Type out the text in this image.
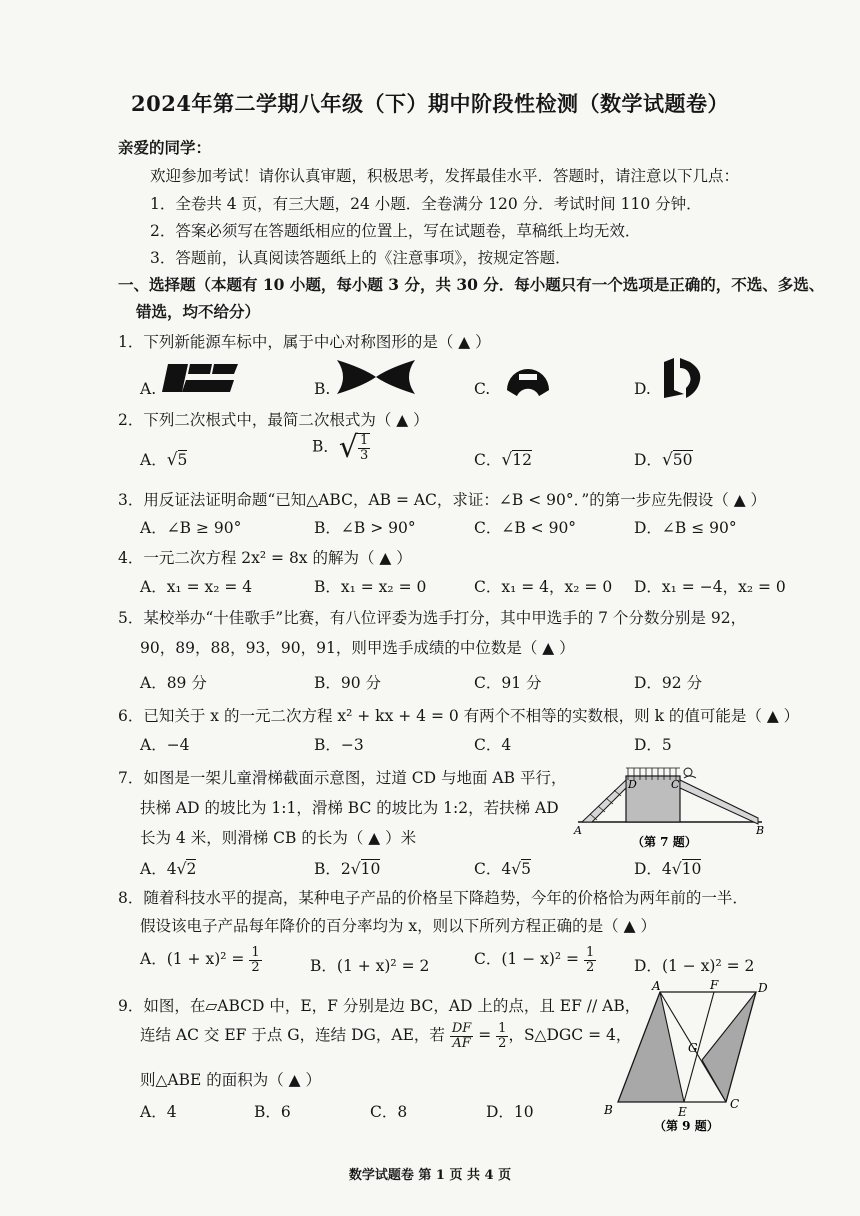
2024年第二学期八年级（下）期中阶段性检测（数学试题卷）
亲爱的同学：
欢迎参加考试！请你认真审题，积极思考，发挥最佳水平．答题时，请注意以下几点：
1．全卷共 4 页，有三大题，24 小题．全卷满分 120 分．考试时间 110 分钟．
2．答案必须写在答题纸相应的位置上，写在试题卷，草稿纸上均无效．
3．答题前，认真阅读答题纸上的《注意事项》，按规定答题．
一、选择题（本题有 10 小题，每小题 3 分，共 30 分．每小题只有一个选项是正确的，不选、多选、
错选，均不给分）
1．下列新能源车标中，属于中心对称图形的是（ ▲ ）
A.	B.	C.	D.
2．下列二次根式中，最简二次根式为（ ▲ ）
A．√5
B．√ $\frac{1}{3}$	C．√12	D．√50
3．用反证法证明命题“已知△ABC，AB = AC，求证：∠B < 90°．”的第一步应先假设（ ▲ ）
A．∠B ≥ 90°	B．∠B > 90°	C．∠B < 90°	D．∠B ≤ 90°
4．一元二次方程 2x² = 8x 的解为（ ▲ ）
A．x₁ = x₂ = 4	B．x₁ = x₂ = 0	C．x₁ = 4，x₂ = 0 D．x₁ = −4，x₂ = 0
5．某校举办“十佳歌手”比赛，有八位评委为选手打分，其中甲选手的 7 个分数分别是 92，
90，89，88，93，90，91，则甲选手成绩的中位数是（ ▲ ）
A．89 分	B．90 分	C．91 分	D．92 分
6．已知关于 x 的一元二次方程 x² + kx + 4 = 0 有两个不相等的实数根，则 k 的值可能是（ ▲ ）
A．−4	B．−3	C．4	D．5
7．如图是一架儿童滑梯截面示意图，过道 CD 与地面 AB 平行，
扶梯 AD 的坡比为 1:1，滑梯 BC 的坡比为 1:2，若扶梯 AD
长为 4 米，则滑梯 CB 的长为（ ▲ ）米
A．4√2	B．2√10	C．4√5	D．4√10
D	C
A	B
（第 7 题）
8．随着科技水平的提高，某种电子产品的价格呈下降趋势，今年的价格恰为两年前的一半．
假设该电子产品每年降价的百分率均为 x，则以下所列方程正确的是（ ▲ ）
A．$(1 + x)^2 = \frac{1}{2}$	B．(1 + x)² = 2	C．$(1 - x)^2 = \frac{1}{2}$ D．(1 − x)² = 2
9．如图，在▱ABCD 中，E，F 分别是边 BC，AD 上的点，且 EF // AB，
连结 AC 交 EF 于点 G，连结 DG，AE，若 $\frac{DF}{AF} = \frac{1}{2}$ ，S△DGC = 4，
则△ABE 的面积为（ ▲ ）
A．4	B．6	C．8	D．10
A	F	D
G
B	E
C
（第 9 题）
数学试题卷 第 1 页 共 4 页
